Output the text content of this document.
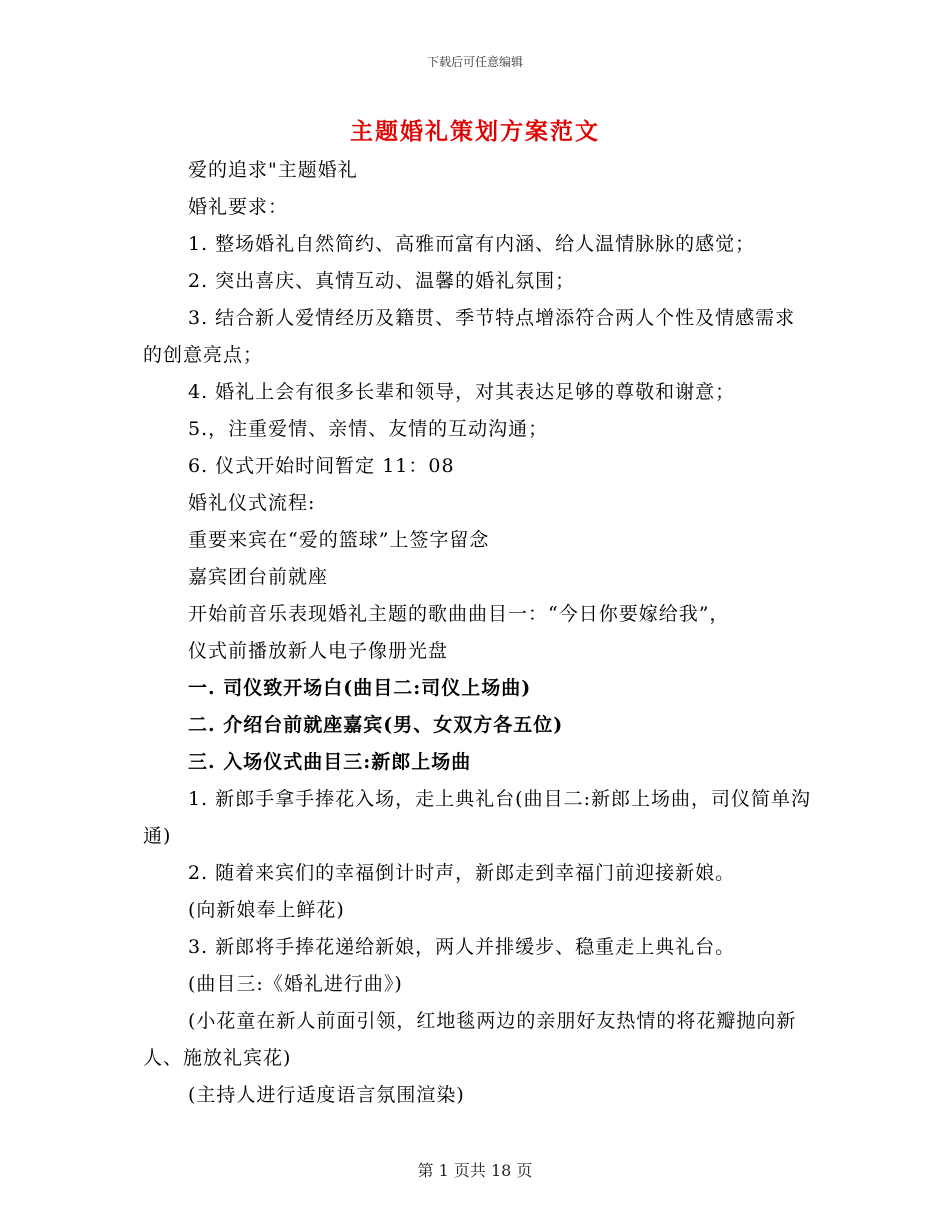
下载后可任意编辑
主题婚礼策划方案范文

爱的追求"主题婚礼

婚礼要求：

1. 整场婚礼自然简约、高雅而富有内涵、给人温情脉脉的感觉；

2. 突出喜庆、真情互动、温馨的婚礼氛围；

3. 结合新人爱情经历及籍贯、季节特点增添符合两人个性及情感需求的创意亮点；

4. 婚礼上会有很多长辈和领导，对其表达足够的尊敬和谢意；

5.，注重爱情、亲情、友情的互动沟通；

6. 仪式开始时间暂定 11：08

婚礼仪式流程:

重要来宾在“爱的篮球”上签字留念

嘉宾团台前就座

开始前音乐表现婚礼主题的歌曲曲目一：“今日你要嫁给我”，

仪式前播放新人电子像册光盘

一. 司仪致开场白(曲目二:司仪上场曲)

二. 介绍台前就座嘉宾(男、女双方各五位)

三. 入场仪式曲目三:新郎上场曲

1. 新郎手拿手捧花入场，走上典礼台(曲目二:新郎上场曲，司仪简单沟通)

2. 随着来宾们的幸福倒计时声，新郎走到幸福门前迎接新娘。

(向新娘奉上鲜花)

3. 新郎将手捧花递给新娘，两人并排缓步、稳重走上典礼台。

(曲目三:《婚礼进行曲》)

(小花童在新人前面引领，红地毯两边的亲朋好友热情的将花瓣抛向新人、施放礼宾花)

(主持人进行适度语言氛围渲染)

第 1 页共 18 页
